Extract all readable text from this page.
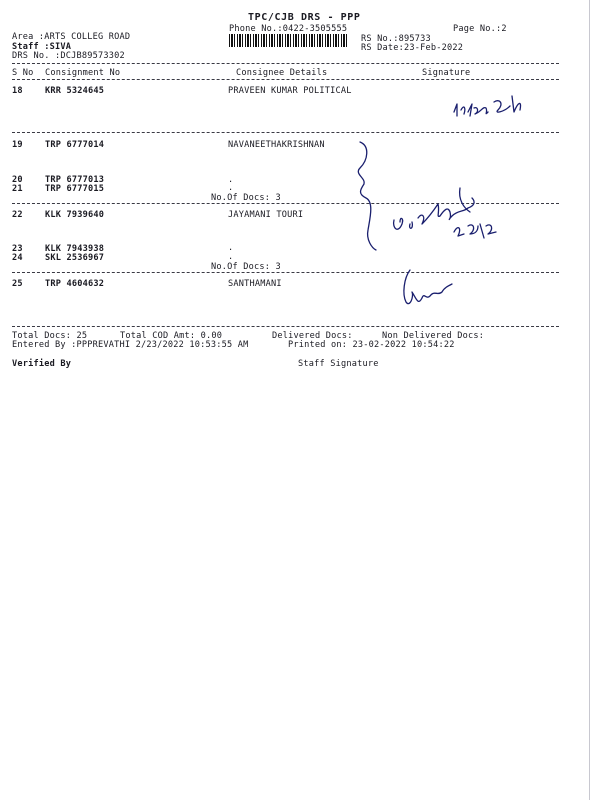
TPC/CJB DRS - PPP
Phone No.:0422-3505555	Page No.:2
Area :ARTS COLLEG ROAD
Staff :SIVA
DRS No. :DCJB89573302
RS No.:895733
RS Date:23-Feb-2022
S No Consignment No	Consignee Details	Signature
18	KRR 5324645	PRAVEEN KUMAR POLITICAL
19	TRP 6777014	NAVANEETHAKRISHNAN
20	TRP 6777013	.
21	TRP 6777015	.
No.Of Docs: 3
22	KLK 7939640	JAYAMANI TOURI
23	KLK 7943938	.
24	SKL 2536967	.
No.Of Docs: 3
25	TRP 4604632	SANTHAMANI
Total Docs: 25	Total COD Amt: 0.00	Delivered Docs:	Non Delivered Docs:
Entered By :PPPREVATHI 2/23/2022 10:53:55 AM	Printed on: 23-02-2022 10:54:22
Verified By	Staff Signature
